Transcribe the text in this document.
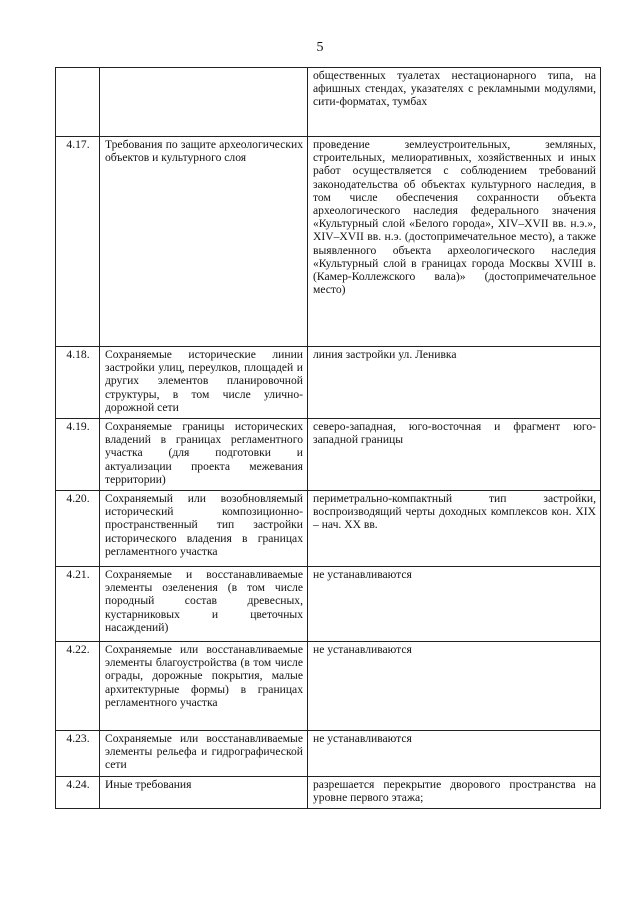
5
		общественных туалетах нестационарного типа, на афишных стендах, указателях с рекламными модулями, сити-форматах, тумбах
4.17.	Требования по защите археологических объектов и культурного слоя	проведение землеустроительных, земляных, строительных, мелиоративных, хозяйственных и иных работ осуществляется с соблюдением требований законодательства об объектах культурного наследия, в том числе обеспечения сохранности объекта археологического наследия федерального значения «Культурный слой «Белого города», XIV–XVII вв. н.э.», XIV–XVII вв. н.э. (достопримечательное место), а также выявленного объекта археологического наследия «Культурный слой в границах города Москвы XVIII в. (Камер-Коллежского вала)» (достопримечательное место)
4.18.	Сохраняемые исторические линии застройки улиц, переулков, площадей и других элементов планировочной структуры, в том числе улично-дорожной сети	линия застройки ул. Ленивка
4.19.	Сохраняемые границы исторических владений в границах регламентного участка (для подготовки и актуализации проекта межевания территории)	северо-западная, юго-восточная и фрагмент юго-западной границы
4.20.	Сохраняемый или возобновляемый исторический композиционно-пространственный тип застройки исторического владения в границах регламентного участка	периметрально-компактный тип застройки, воспроизводящий черты доходных комплексов кон. XIX – нач. XX вв.
4.21.	Сохраняемые и восстанавливаемые элементы озеленения (в том числе породный состав древесных, кустарниковых и цветочных насаждений)	не устанавливаются
4.22.	Сохраняемые или восстанавливаемые элементы благоустройства (в том числе ограды, дорожные покрытия, малые архитектурные формы) в границах регламентного участка	не устанавливаются
4.23.	Сохраняемые или восстанавливаемые элементы рельефа и гидрографической сети	не устанавливаются
4.24.	Иные требования	разрешается перекрытие дворового пространства на уровне первого этажа;
